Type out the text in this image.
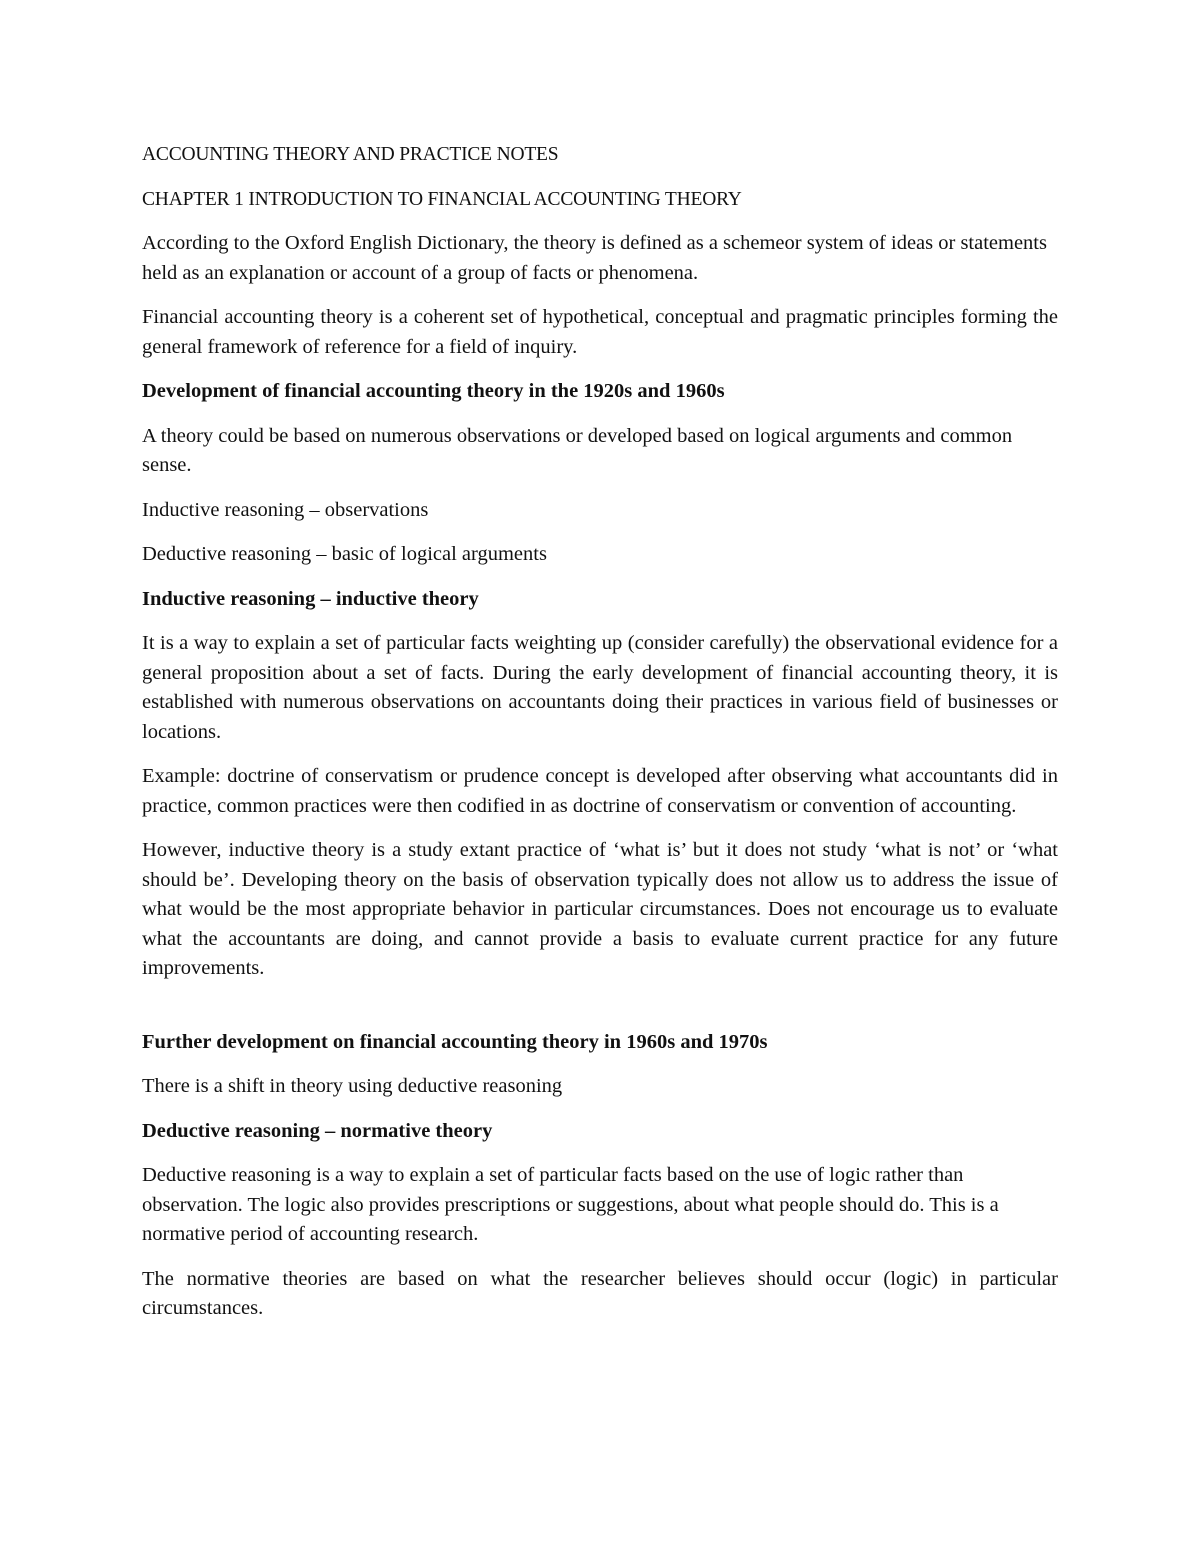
ACCOUNTING THEORY AND PRACTICE NOTES

CHAPTER 1 INTRODUCTION TO FINANCIAL ACCOUNTING THEORY

According to the Oxford English Dictionary, the theory is defined as a schemeor system of ideas or statements held as an explanation or account of a group of facts or phenomena.

Financial accounting theory is a coherent set of hypothetical, conceptual and pragmatic principles forming the general framework of reference for a field of inquiry.

Development of financial accounting theory in the 1920s and 1960s

A theory could be based on numerous observations or developed based on logical arguments and common sense.

Inductive reasoning – observations

Deductive reasoning – basic of logical arguments

Inductive reasoning – inductive theory

It is a way to explain a set of particular facts weighting up (consider carefully) the observational evidence for a general proposition about a set of facts. During the early development of financial accounting theory, it is established with numerous observations on accountants doing their practices in various field of businesses or locations.

Example: doctrine of conservatism or prudence concept is developed after observing what accountants did in practice, common practices were then codified in as doctrine of conservatism or convention of accounting.

However, inductive theory is a study extant practice of ‘what is’ but it does not study ‘what is not’ or ‘what should be’. Developing theory on the basis of observation typically does not allow us to address the issue of what would be the most appropriate behavior in particular circumstances. Does not encourage us to evaluate what the accountants are doing, and cannot provide a basis to evaluate current practice for any future improvements.

Further development on financial accounting theory in 1960s and 1970s

There is a shift in theory using deductive reasoning

Deductive reasoning – normative theory

Deductive reasoning is a way to explain a set of particular facts based on the use of logic rather than observation. The logic also provides prescriptions or suggestions, about what people should do. This is a normative period of accounting research.

The normative theories are based on what the researcher believes should occur (logic) in particular circumstances.
